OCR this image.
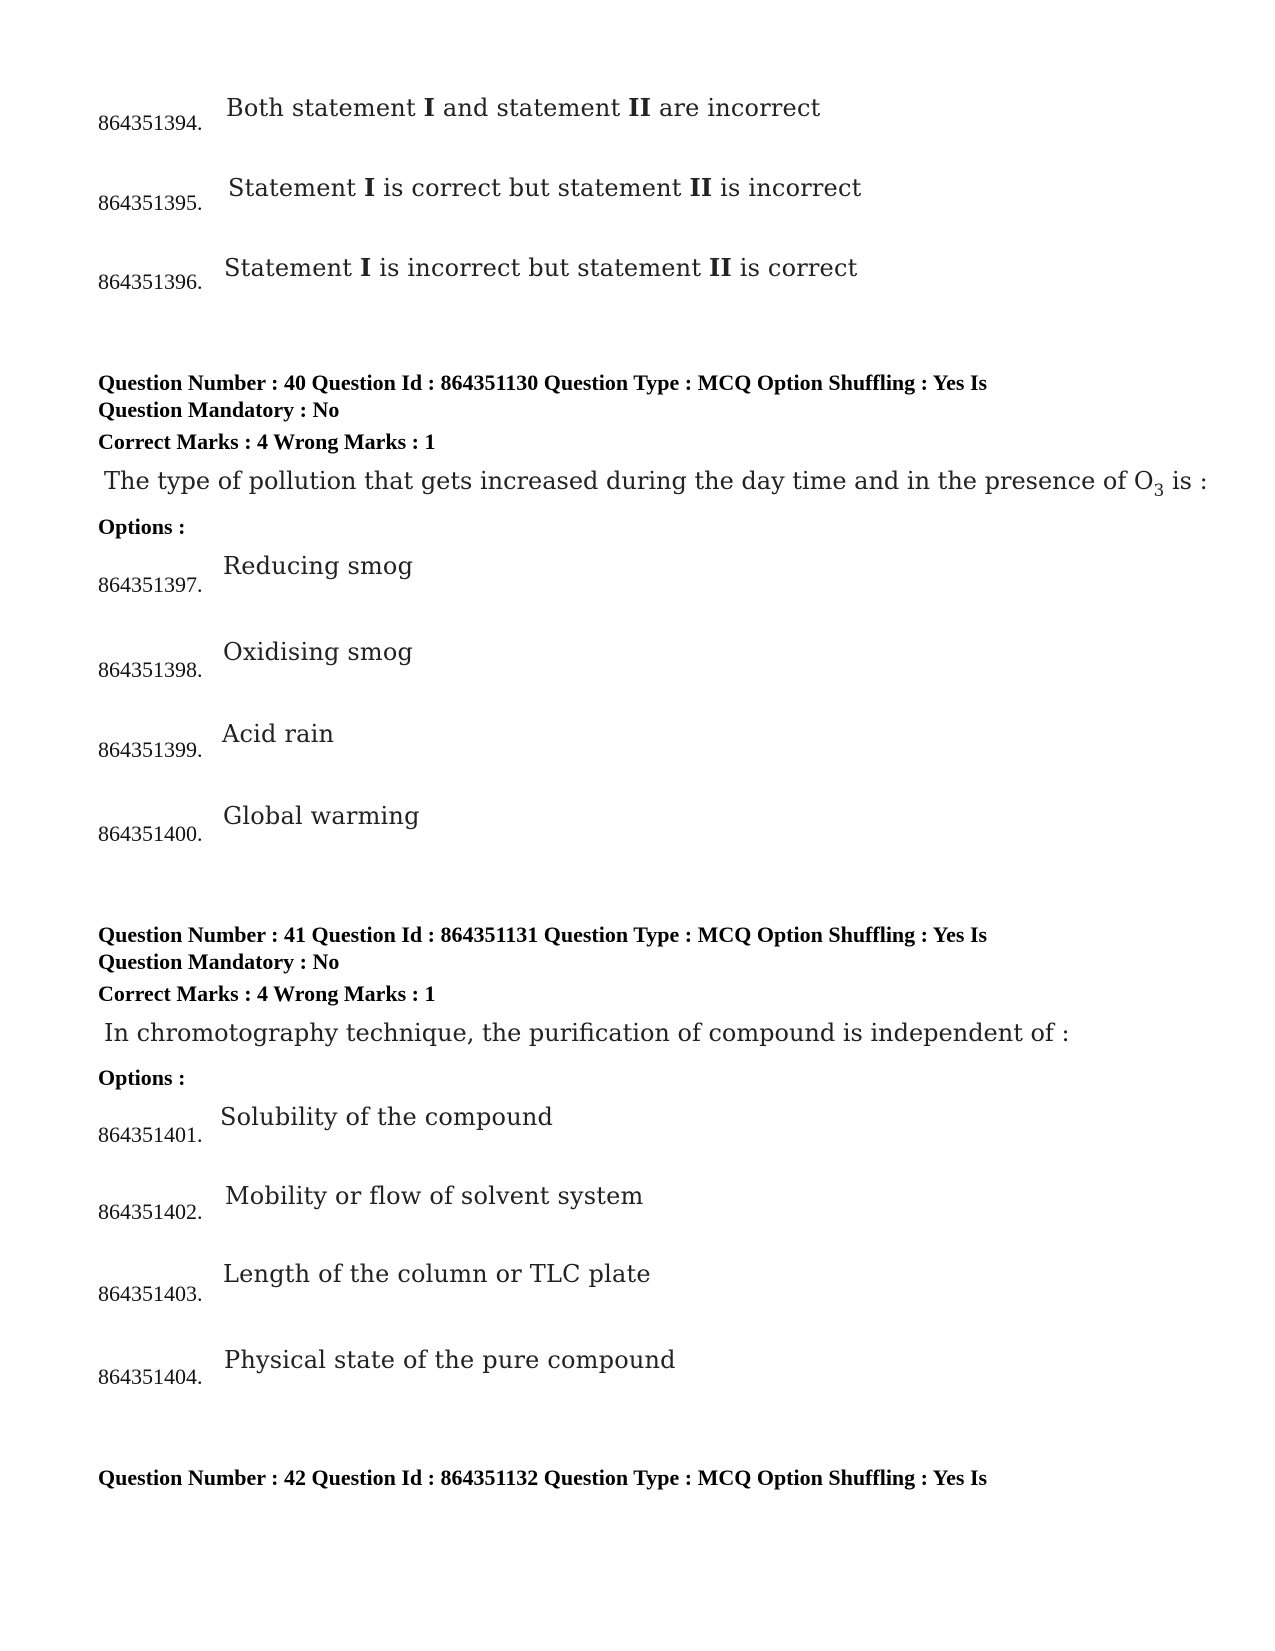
864351394.
Both statement I and statement II are incorrect
864351395.
Statement I is correct but statement II is incorrect
864351396. Statement I is incorrect but statement II is correct
Question Number : 40 Question Id : 864351130 Question Type : MCQ Option Shuffling : Yes Is
Question Mandatory : No
Correct Marks : 4 Wrong Marks : 1
The type of pollution that gets increased during the day time and in the presence of $O_3$ is :
Options :
864351397.
Reducing smog
864351398.
Oxidising smog
864351399.
Acid rain
864351400.
Global warming
Question Number : 41 Question Id : 864351131 Question Type : MCQ Option Shuffling : Yes Is
Question Mandatory : No
Correct Marks : 4 Wrong Marks : 1
In chromotography technique, the purification of compound is independent of :
Options :
864351401.
Solubility of the compound
864351402.
Mobility or flow of solvent system
864351403.
Length of the column or TLC plate
864351404.
Physical state of the pure compound
Question Number : 42 Question Id : 864351132 Question Type : MCQ Option Shuffling : Yes Is
